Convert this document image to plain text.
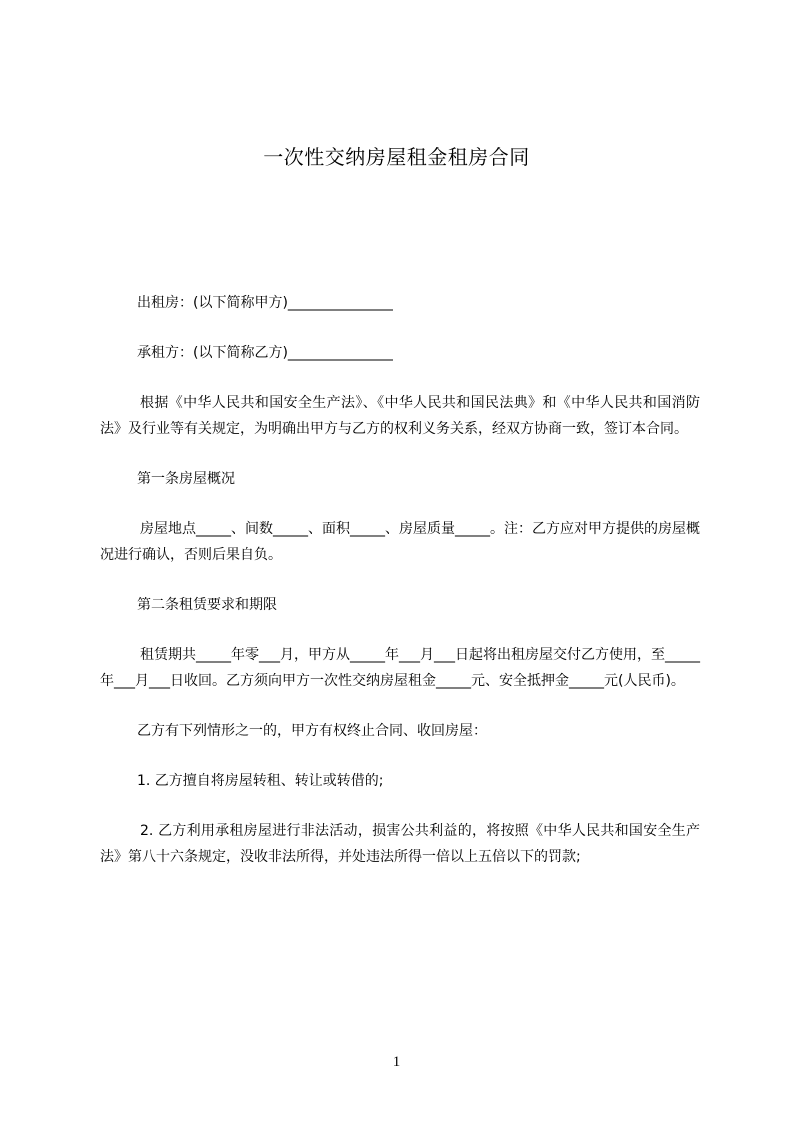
一次性交纳房屋租金租房合同

出租房：(以下简称甲方)_______________

承租方：(以下简称乙方)_______________

根据《中华人民共和国安全生产法》、《中华人民共和国民法典》和《中华人民共和国消防法》及行业等有关规定，为明确出甲方与乙方的权利义务关系，经双方协商一致，签订本合同。

第一条房屋概况

房屋地点_____、间数_____、面积_____、房屋质量_____。注：乙方应对甲方提供的房屋概况进行确认，否则后果自负。

第二条租赁要求和期限

租赁期共_____年零___月，甲方从_____年___月___日起将出租房屋交付乙方使用，至_____年___月___日收回。乙方须向甲方一次性交纳房屋租金_____元、安全抵押金_____元(人民币)。

乙方有下列情形之一的，甲方有权终止合同、收回房屋：

1. 乙方擅自将房屋转租、转让或转借的;

2. 乙方利用承租房屋进行非法活动，损害公共利益的，将按照《中华人民共和国安全生产法》第八十六条规定，没收非法所得，并处违法所得一倍以上五倍以下的罚款;

1
